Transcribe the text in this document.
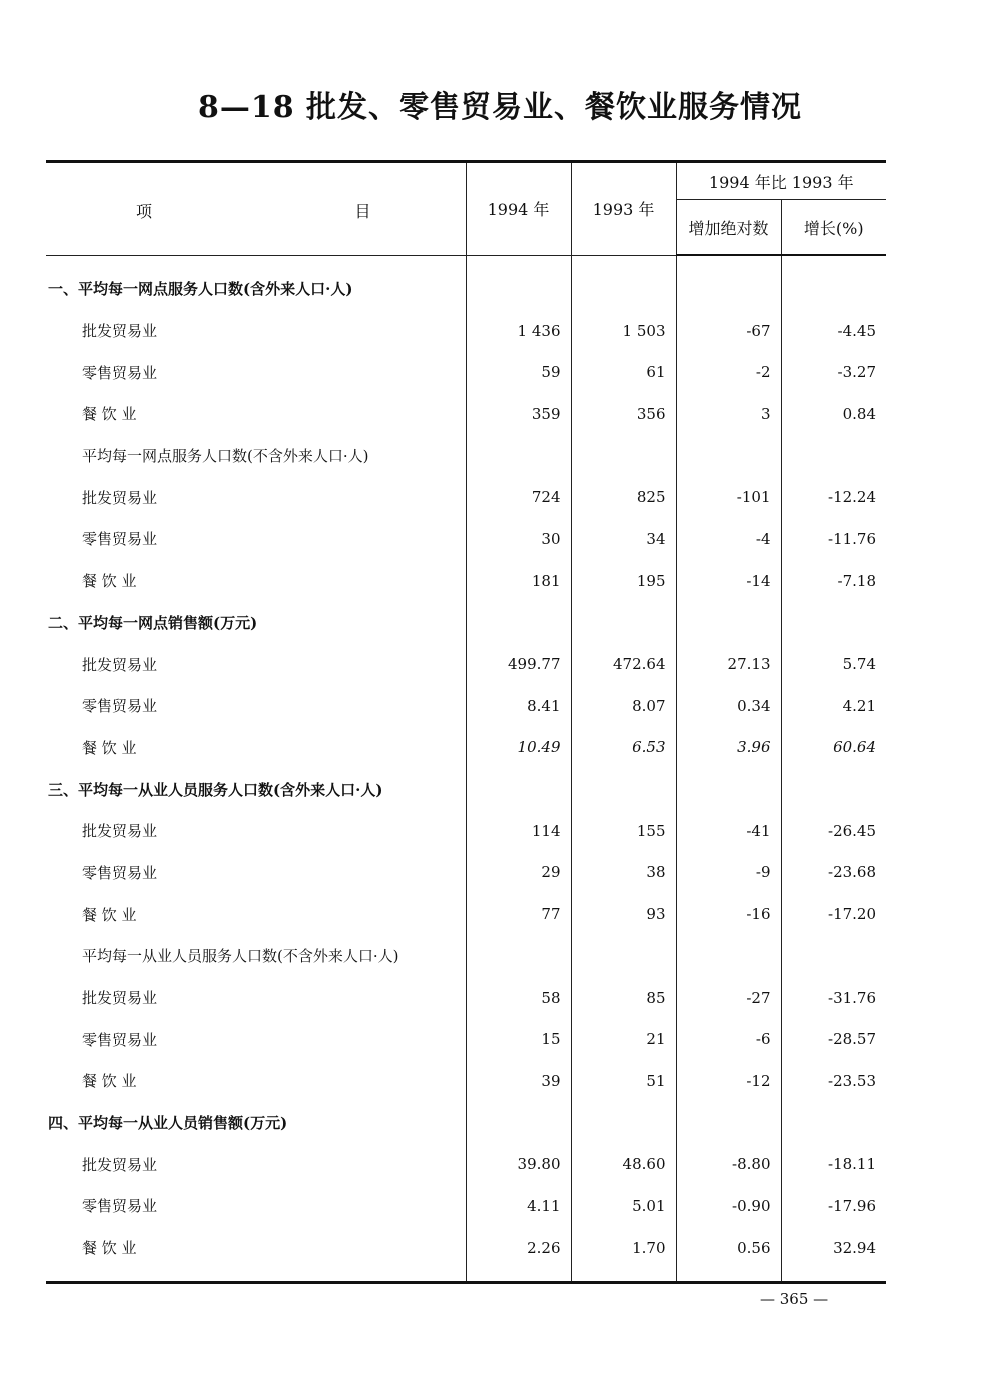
8—18 批发、零售贸易业、餐饮业服务情况
项 目	1994 年	1993 年	1994 年比 1993 年	
			增加绝对数	增长(%)
一、平均每一网点服务人口数(含外来人口·人)				
批发贸易业	1 436	1 503	-67	-4.45
零售贸易业	59	61	-2	-3.27
餐 饮 业	359	356	3	0.84
平均每一网点服务人口数(不含外来人口·人)				
批发贸易业	724	825	-101	-12.24
零售贸易业	30	34	-4	-11.76
餐 饮 业	181	195	-14	-7.18
二、平均每一网点销售额(万元)				
批发贸易业	499.77	472.64	27.13	5.74
零售贸易业	8.41	8.07	0.34	4.21
餐 饮 业	10.49	6.53	3.96	60.64
三、平均每一从业人员服务人口数(含外来人口·人)				
批发贸易业	114	155	-41	-26.45
零售贸易业	29	38	-9	-23.68
餐 饮 业	77	93	-16	-17.20
平均每一从业人员服务人口数(不含外来人口·人)				
批发贸易业	58	85	-27	-31.76
零售贸易业	15	21	-6	-28.57
餐 饮 业	39	51	-12	-23.53
四、平均每一从业人员销售额(万元)				
批发贸易业	39.80	48.60	-8.80	-18.11
零售贸易业	4.11	5.01	-0.90	-17.96
餐 饮 业	2.26	1.70	0.56	32.94
— 365 —
